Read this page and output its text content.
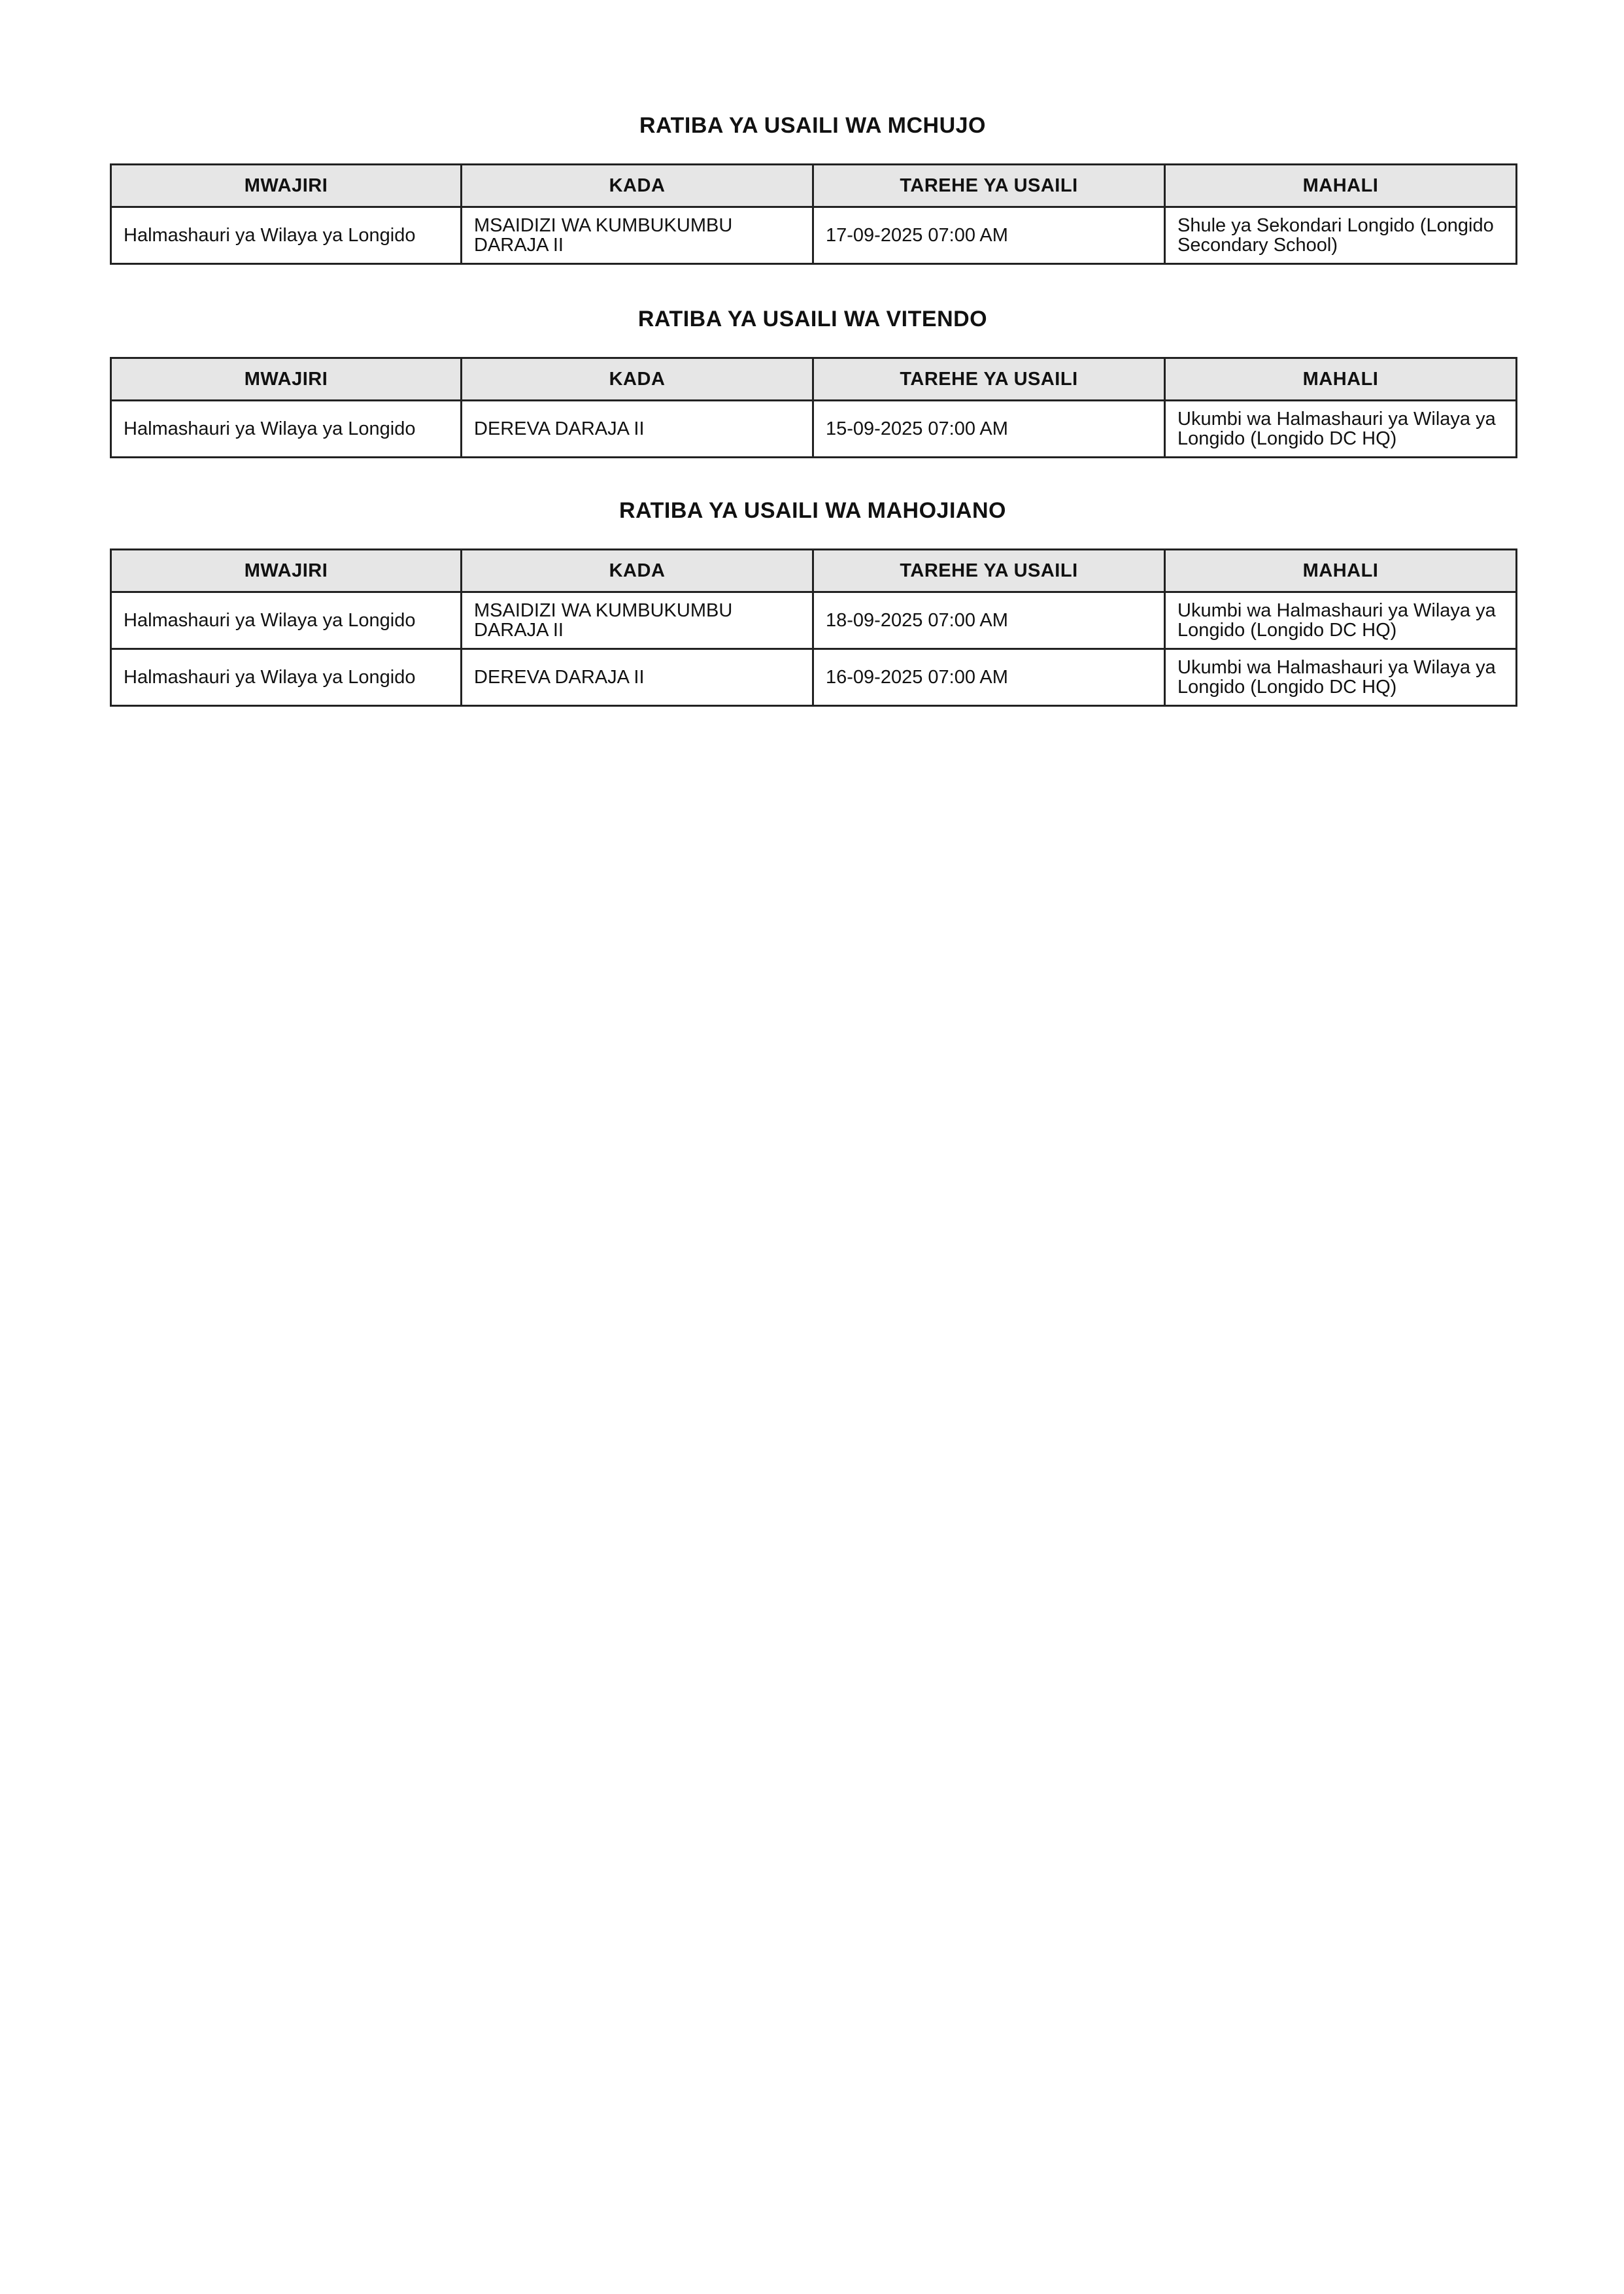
RATIBA YA USAILI WA MCHUJO
MWAJIRI	KADA	TAREHE YA USAILI	MAHALI
Halmashauri ya Wilaya ya Longido	MSAIDIZI WA KUMBUKUMBU DARAJA II	17-09-2025 07:00 AM	Shule ya Sekondari Longido (Longido Secondary School)
RATIBA YA USAILI WA VITENDO
MWAJIRI	KADA	TAREHE YA USAILI	MAHALI
Halmashauri ya Wilaya ya Longido	DEREVA DARAJA II	15-09-2025 07:00 AM	Ukumbi wa Halmashauri ya Wilaya ya Longido (Longido DC HQ)
RATIBA YA USAILI WA MAHOJIANO
MWAJIRI	KADA	TAREHE YA USAILI	MAHALI
Halmashauri ya Wilaya ya Longido	MSAIDIZI WA KUMBUKUMBU DARAJA II	18-09-2025 07:00 AM	Ukumbi wa Halmashauri ya Wilaya ya Longido (Longido DC HQ)
Halmashauri ya Wilaya ya Longido	DEREVA DARAJA II	16-09-2025 07:00 AM	Ukumbi wa Halmashauri ya Wilaya ya Longido (Longido DC HQ)
